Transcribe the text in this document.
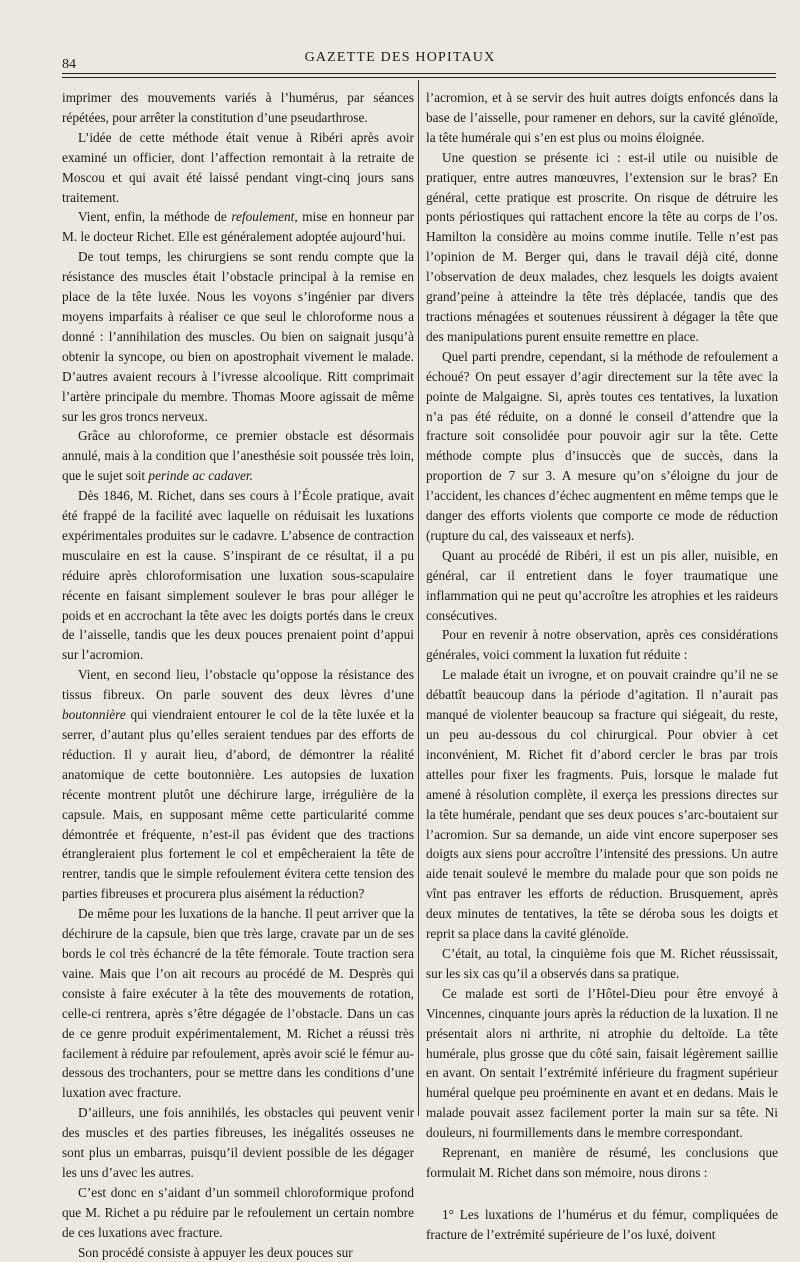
84	GAZETTE DES HOPITAUX

imprimer des mouvements variés à l’humérus, par séances répétées, pour arrêter la constitution d’une pseudarthrose.

L’idée de cette méthode était venue à Ribéri après avoir examiné un officier, dont l’affection remontait à la retraite de Moscou et qui avait été laissé pendant vingt-cinq jours sans traitement.

Vient, enfin, la méthode de refoulement, mise en honneur par M. le docteur Richet. Elle est généralement adoptée aujourd’hui.

De tout temps, les chirurgiens se sont rendu compte que la résistance des muscles était l’obstacle principal à la remise en place de la tête luxée. Nous les voyons s’ingénier par divers moyens imparfaits à réaliser ce que seul le chloroforme nous a donné : l’annihilation des muscles. Ou bien on saignait jusqu’à obtenir la syncope, ou bien on apostrophait vivement le malade. D’autres avaient recours à l’ivresse alcoolique. Ritt comprimait l’artère principale du membre. Thomas Moore agissait de même sur les gros troncs nerveux.

Grâce au chloroforme, ce premier obstacle est désormais annulé, mais à la condition que l’anesthésie soit poussée très loin, que le sujet soit perinde ac cadaver.

Dès 1846, M. Richet, dans ses cours à l’École pratique, avait été frappé de la facilité avec laquelle on réduisait les luxations expérimentales produites sur le cadavre. L’absence de contraction musculaire en est la cause. S’inspirant de ce résultat, il a pu réduire après chloroformisation une luxation sous-scapulaire récente en faisant simplement soulever le bras pour alléger le poids et en accrochant la tête avec les doigts portés dans le creux de l’aisselle, tandis que les deux pouces prenaient point d’appui sur l’acromion.

Vient, en second lieu, l’obstacle qu’oppose la résistance des tissus fibreux. On parle souvent des deux lèvres d’une boutonnière qui viendraient entourer le col de la tête luxée et la serrer, d’autant plus qu’elles seraient tendues par des efforts de réduction. Il y aurait lieu, d’abord, de démontrer la réalité anatomique de cette boutonnière. Les autopsies de luxation récente montrent plutôt une déchirure large, irrégulière de la capsule. Mais, en supposant même cette particularité comme démontrée et fréquente, n’est-il pas évident que des tractions étrangleraient plus fortement le col et empêcheraient la tête de rentrer, tandis que le simple refoulement évitera cette tension des parties fibreuses et procurera plus aisément la réduction?

De même pour les luxations de la hanche. Il peut arriver que la déchirure de la capsule, bien que très large, cravate par un de ses bords le col très échancré de la tête fémorale. Toute traction sera vaine. Mais que l’on ait recours au procédé de M. Desprès qui consiste à faire exécuter à la tête des mouvements de rotation, celle-ci rentrera, après s’être dégagée de l’obstacle. Dans un cas de ce genre produit expérimentalement, M. Richet a réussi très facilement à réduire par refoulement, après avoir scié le fémur au-dessous des trochanters, pour se mettre dans les conditions d’une luxation avec fracture.

D’ailleurs, une fois annihilés, les obstacles qui peuvent venir des muscles et des parties fibreuses, les inégalités osseuses ne sont plus un embarras, puisqu’il devient possible de les dégager les uns d’avec les autres.

C’est donc en s’aidant d’un sommeil chloroformique profond que M. Richet a pu réduire par le refoulement un certain nombre de ces luxations avec fracture.

Son procédé consiste à appuyer les deux pouces sur

l’acromion, et à se servir des huit autres doigts enfoncés dans la base de l’aisselle, pour ramener en dehors, sur la cavité glénoïde, la tête humérale qui s’en est plus ou moins éloignée.

Une question se présente ici : est-il utile ou nuisible de pratiquer, entre autres manœuvres, l’extension sur le bras? En général, cette pratique est proscrite. On risque de détruire les ponts périostiques qui rattachent encore la tête au corps de l’os. Hamilton la considère au moins comme inutile. Telle n’est pas l’opinion de M. Berger qui, dans le travail déjà cité, donne l’observation de deux malades, chez lesquels les doigts avaient grand’peine à atteindre la tête très déplacée, tandis que des tractions ménagées et soutenues réussirent à dégager la tête que des manipulations purent ensuite remettre en place.

Quel parti prendre, cependant, si la méthode de refoulement a échoué? On peut essayer d’agir directement sur la tête avec la pointe de Malgaigne. Si, après toutes ces tentatives, la luxation n’a pas été réduite, on a donné le conseil d’attendre que la fracture soit consolidée pour pouvoir agir sur la tête. Cette méthode compte plus d’insuccès que de succès, dans la proportion de 7 sur 3. A mesure qu’on s’éloigne du jour de l’accident, les chances d’échec augmentent en même temps que le danger des efforts violents que comporte ce mode de réduction (rupture du cal, des vaisseaux et nerfs).

Quant au procédé de Ribéri, il est un pis aller, nuisible, en général, car il entretient dans le foyer traumatique une inflammation qui ne peut qu’accroître les atrophies et les raideurs consécutives.

Pour en revenir à notre observation, après ces considérations générales, voici comment la luxation fut réduite :

Le malade était un ivrogne, et on pouvait craindre qu’il ne se débattît beaucoup dans la période d’agitation. Il n’aurait pas manqué de violenter beaucoup sa fracture qui siégeait, du reste, un peu au-dessous du col chirurgical. Pour obvier à cet inconvénient, M. Richet fit d’abord cercler le bras par trois attelles pour fixer les fragments. Puis, lorsque le malade fut amené à résolution complète, il exerça les pressions directes sur la tête humérale, pendant que ses deux pouces s’arc-boutaient sur l’acromion. Sur sa demande, un aide vint encore superposer ses doigts aux siens pour accroître l’intensité des pressions. Un autre aide tenait soulevé le membre du malade pour que son poids ne vînt pas entraver les efforts de réduction. Brusquement, après deux minutes de tentatives, la tête se déroba sous les doigts et reprit sa place dans la cavité glénoïde.

C’était, au total, la cinquième fois que M. Richet réussissait, sur les six cas qu’il a observés dans sa pratique.

Ce malade est sorti de l’Hôtel-Dieu pour être envoyé à Vincennes, cinquante jours après la réduction de la luxation. Il ne présentait alors ni arthrite, ni atrophie du deltoïde. La tête humérale, plus grosse que du côté sain, faisait légèrement saillie en avant. On sentait l’extrémité inférieure du fragment supérieur huméral quelque peu proéminente en avant et en dedans. Mais le malade pouvait assez facilement porter la main sur sa tête. Ni douleurs, ni fourmillements dans le membre correspondant.

Reprenant, en manière de résumé, les conclusions que formulait M. Richet dans son mémoire, nous dirons :

1° Les luxations de l’humérus et du fémur, compliquées de fracture de l’extrémité supérieure de l’os luxé, doivent
